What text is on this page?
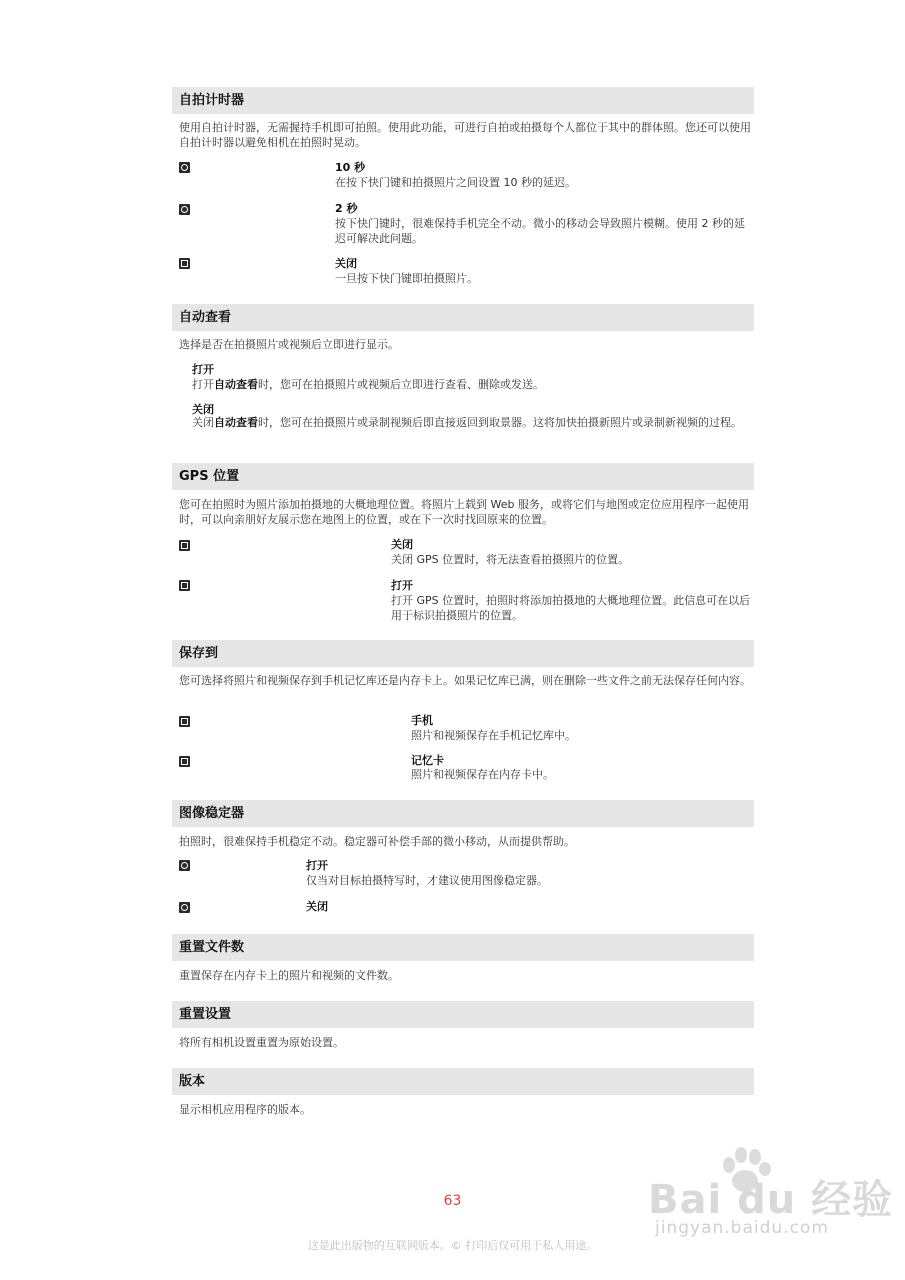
自拍计时器
使用自拍计时器，无需握持手机即可拍照。使用此功能，可进行自拍或拍摄每个人都位于其中的群体照。您还可以使用自拍计时器以避免相机在拍照时晃动。
10 秒
在按下快门键和拍摄照片之间设置 10 秒的延迟。
2 秒
按下快门键时，很难保持手机完全不动。微小的移动会导致照片模糊。使用 2 秒的延迟可解决此问题。
关闭
一旦按下快门键即拍摄照片。
自动查看
选择是否在拍摄照片或视频后立即进行显示。
打开
打开自动查看时，您可在拍摄照片或视频后立即进行查看、删除或发送。
关闭
关闭自动查看时，您可在拍摄照片或录制视频后即直接返回到取景器。这将加快拍摄新照片或录制新视频的过程。
GPS 位置
您可在拍照时为照片添加拍摄地的大概地理位置。将照片上载到 Web 服务，或将它们与地图或定位应用程序一起使用时，可以向亲朋好友展示您在地图上的位置，或在下一次时找回原来的位置。
关闭
关闭 GPS 位置时，将无法查看拍摄照片的位置。
打开
打开 GPS 位置时，拍照时将添加拍摄地的大概地理位置。此信息可在以后用于标识拍摄照片的位置。
保存到
您可选择将照片和视频保存到手机记忆库还是内存卡上。如果记忆库已满，则在删除一些文件之前无法保存任何内容。
手机
照片和视频保存在手机记忆库中。
记忆卡
照片和视频保存在内存卡中。
图像稳定器
拍照时，很难保持手机稳定不动。稳定器可补偿手部的微小移动，从而提供帮助。
打开
仅当对目标拍摄特写时，才建议使用图像稳定器。
关闭
重置文件数
重置保存在内存卡上的照片和视频的文件数。
重置设置
将所有相机设置重置为原始设置。
版本
显示相机应用程序的版本。
Bai du 经验
jingyan.baidu.com
63
这是此出版物的互联网版本。© 打印后仅可用于私人用途。
